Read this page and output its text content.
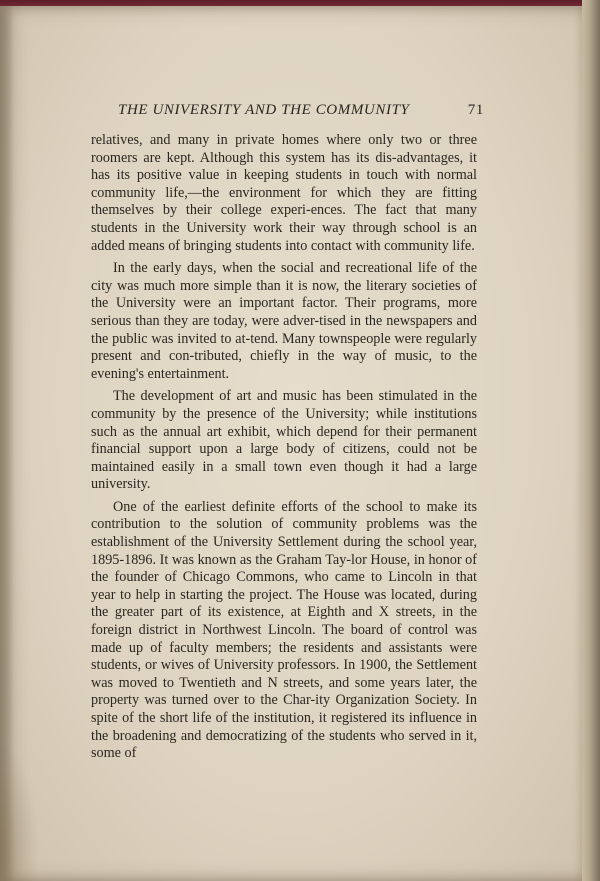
THE UNIVERSITY AND THE COMMUNITY	71

relatives, and many in private homes where only two or three roomers are kept. Although this system has its dis-advantages, it has its positive value in keeping students in touch with normal community life,—the environment for which they are fitting themselves by their college experi-ences. The fact that many students in the University work their way through school is an added means of bringing students into contact with community life.

In the early days, when the social and recreational life of the city was much more simple than it is now, the literary societies of the University were an important factor. Their programs, more serious than they are today, were adver-tised in the newspapers and the public was invited to at-tend. Many townspeople were regularly present and con-tributed, chiefly in the way of music, to the evening's entertainment.

The development of art and music has been stimulated in the community by the presence of the University; while institutions such as the annual art exhibit, which depend for their permanent financial support upon a large body of citizens, could not be maintained easily in a small town even though it had a large university.

One of the earliest definite efforts of the school to make its contribution to the solution of community problems was the establishment of the University Settlement during the school year, 1895-1896. It was known as the Graham Tay-lor House, in honor of the founder of Chicago Commons, who came to Lincoln in that year to help in starting the project. The House was located, during the greater part of its existence, at Eighth and X streets, in the foreign district in Northwest Lincoln. The board of control was made up of faculty members; the residents and assistants were students, or wives of University professors. In 1900, the Settlement was moved to Twentieth and N streets, and some years later, the property was turned over to the Char-ity Organization Society. In spite of the short life of the institution, it registered its influence in the broadening and democratizing of the students who served in it, some of
